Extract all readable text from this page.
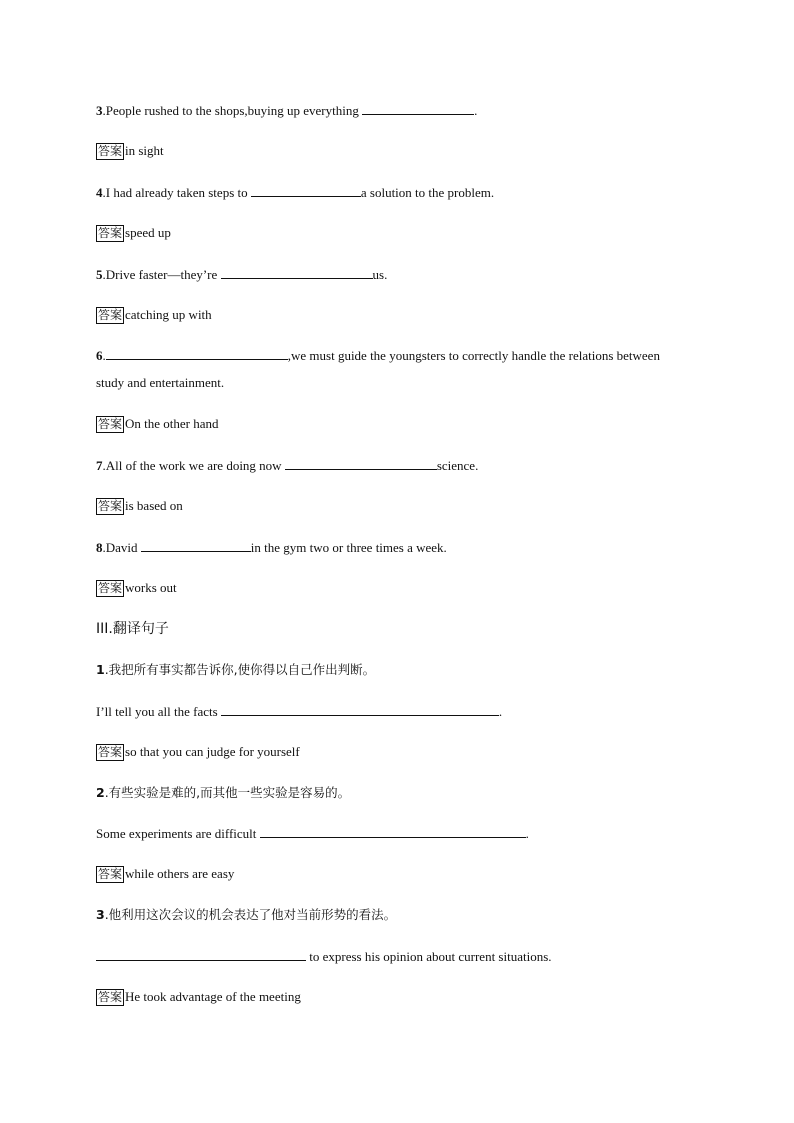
3.People rushed to the shops,buying up everything	.
答案 in sight
4.I had already taken steps to	a solution to the problem.
答案 speed up
5.Drive faster—they’re	us.
答案 catching up with
6.	,we must guide the youngsters to correctly handle the relations between
study and entertainment.
答案 On the other hand
7.All of the work we are doing now	science.
答案 is based on
8.David	in the gym two or three times a week.
答案 works out
III.翻译句子
1.我把所有事实都告诉你,使你得以自己作出判断。
I’ll tell you all the facts	.
答案 so that you can judge for yourself
2.有些实验是难的,而其他一些实验是容易的。
Some experiments are difficult	.
答案 while others are easy
3.他利用这次会议的机会表达了他对当前形势的看法。
to express his opinion about current situations.
答案 He took advantage of the meeting
